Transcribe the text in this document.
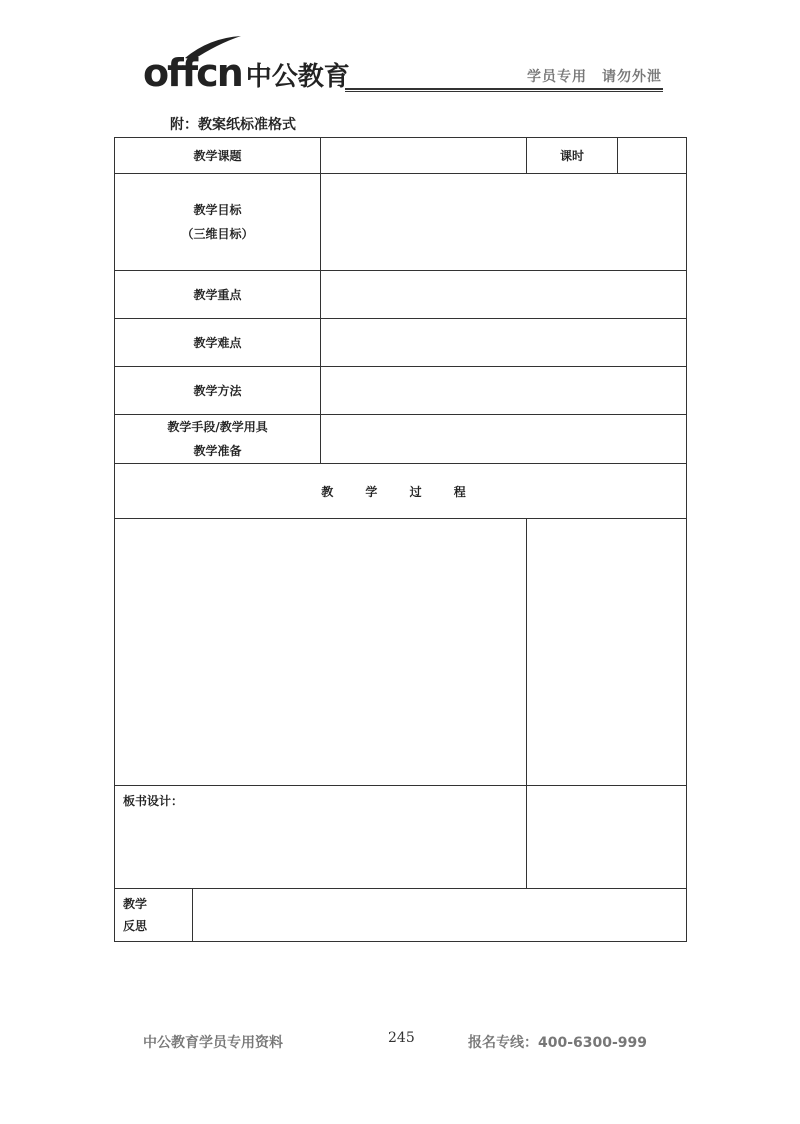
offcn 中公教育	学员专用　请勿外泄
附：教案纸标准格式
教学课题			课时	

教学目标
（三维目标）				

教学重点				
教学难点				
教学方法				

教学手段/教学用具
教学准备				

教 学 过 程				

板书设计：				

教学
反思				

中公教育学员专用资料	245	报名专线：400-6300-999
